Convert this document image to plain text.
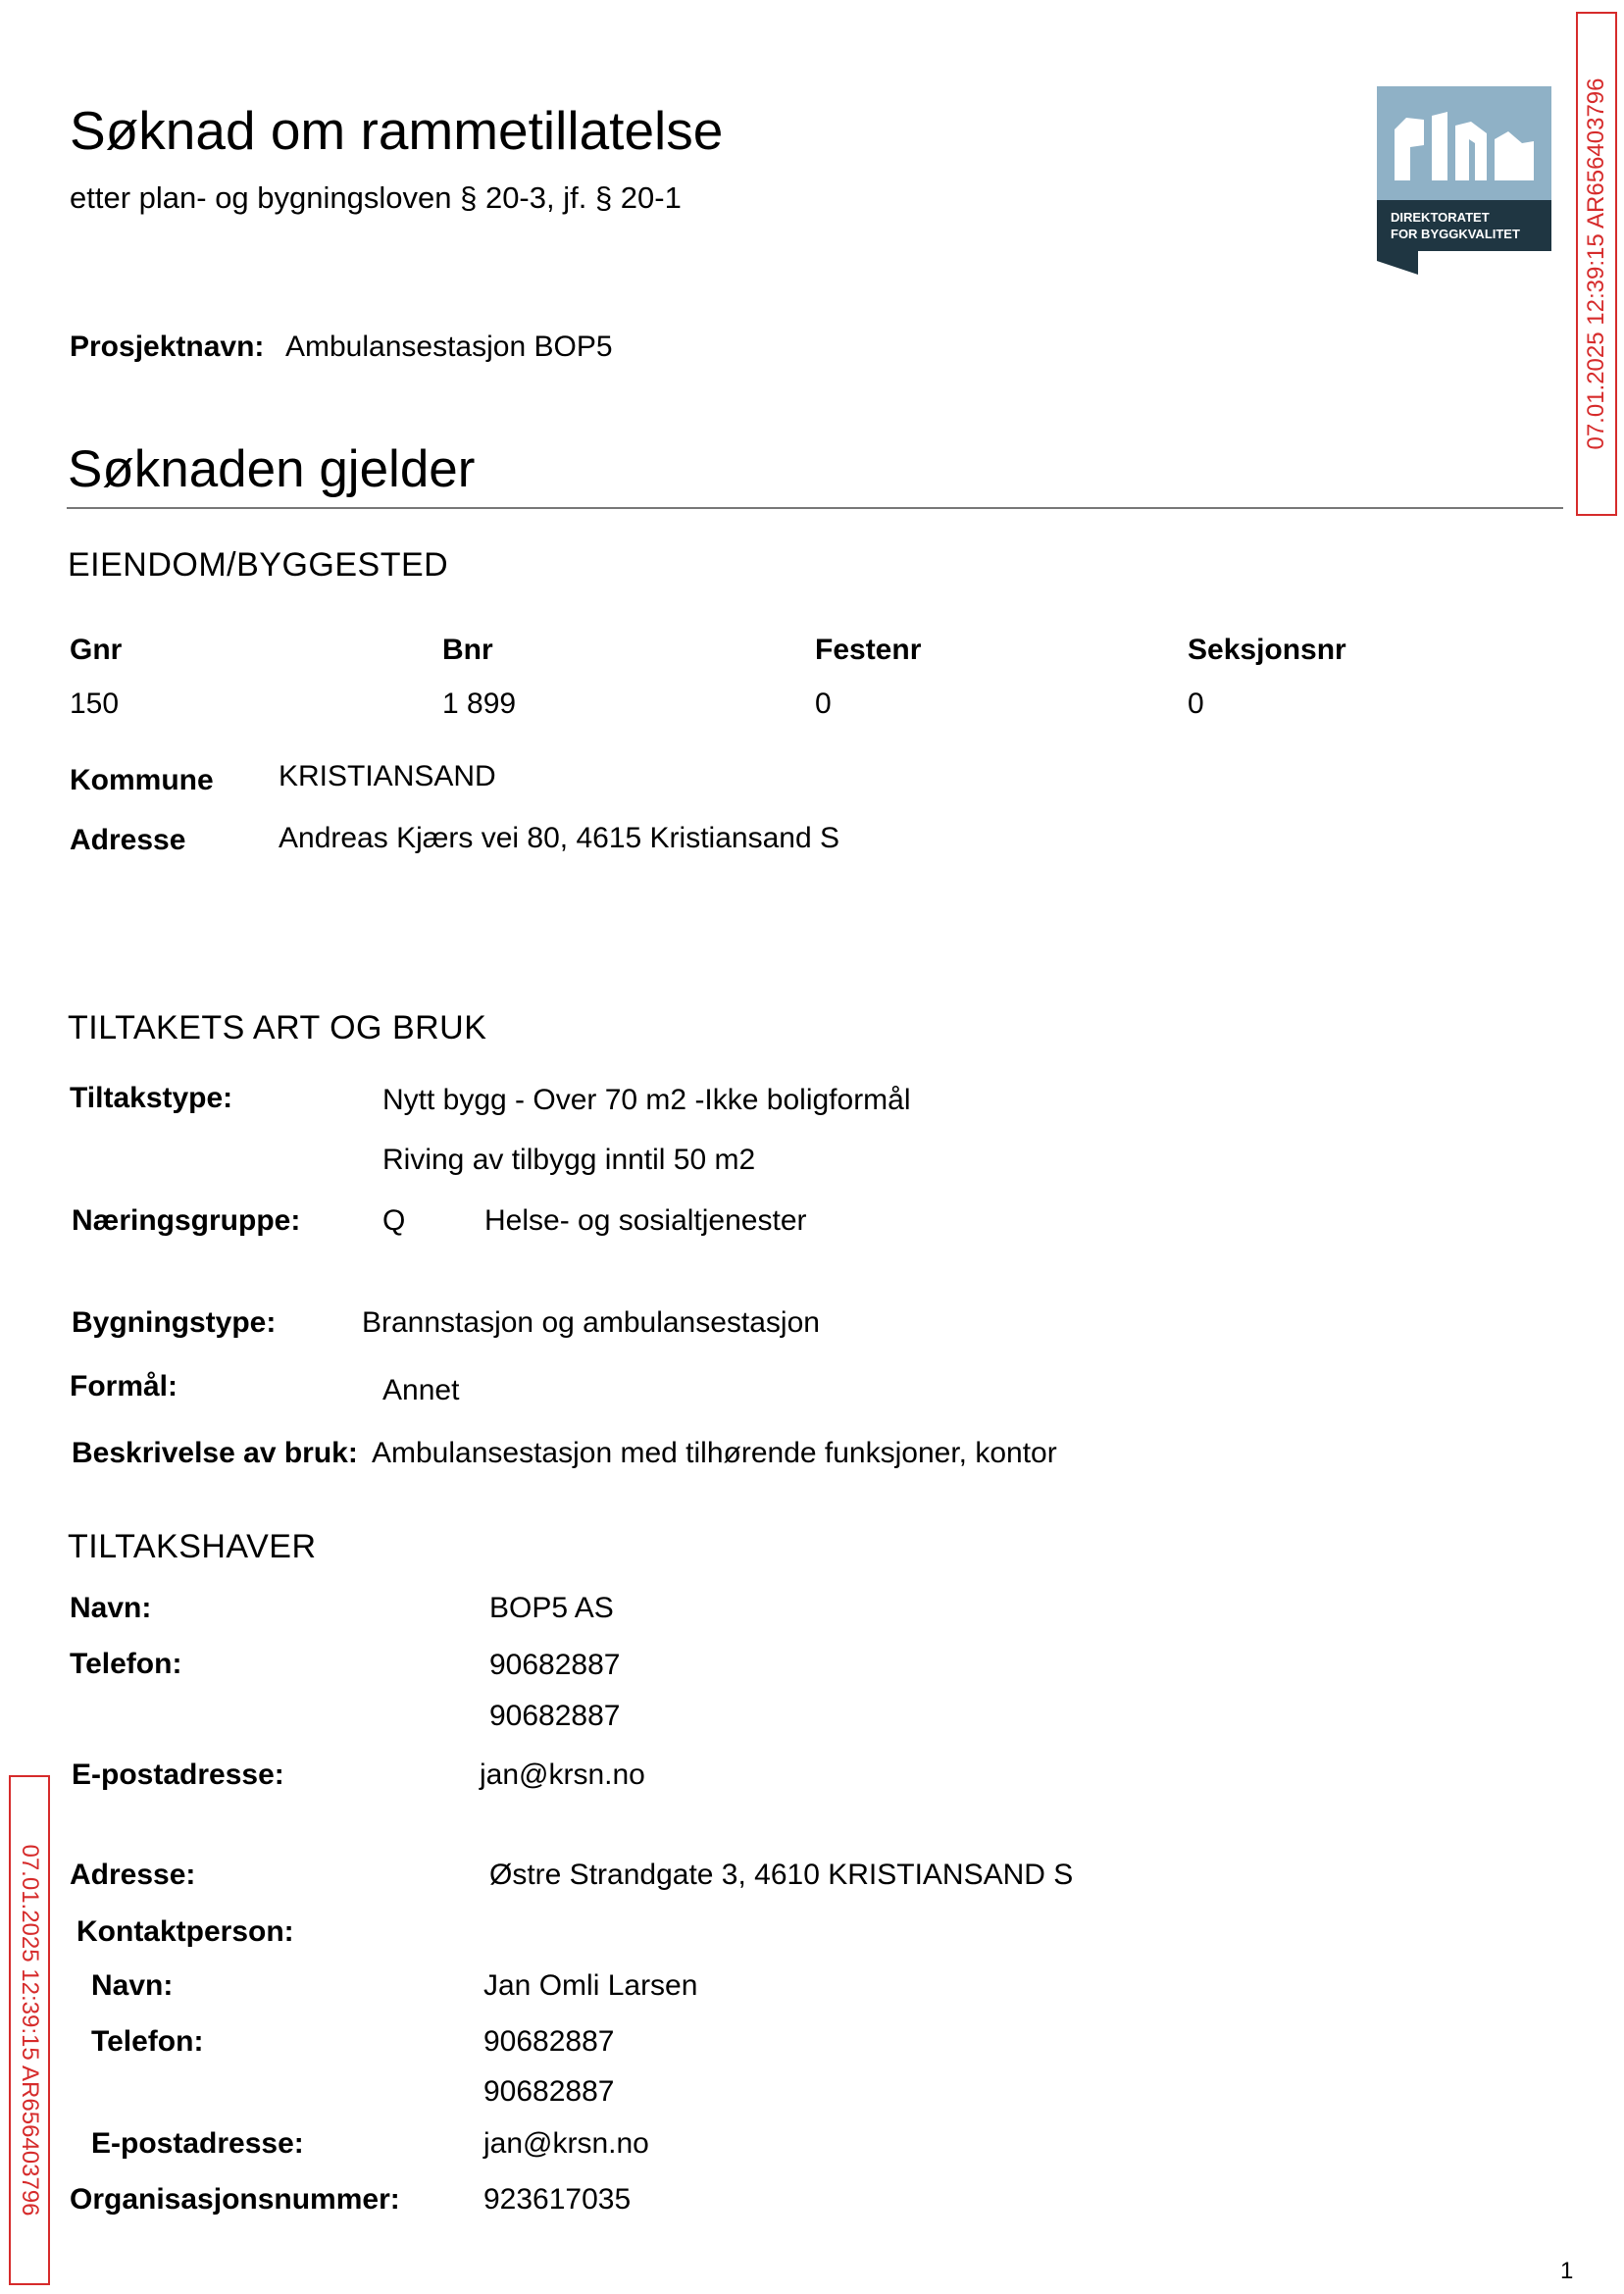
Søknad om rammetillatelse
etter plan- og bygningsloven § 20-3, jf. § 20-1
DIREKTORATET
FOR BYGGKVALITET	07.01.2025 12:39:15 AR656403796
07.01.2025 12:39:15 AR656403796
Prosjektnavn: Ambulansestasjon BOP5
Søknaden gjelder
EIENDOM/BYGGESTED
Gnr	Bnr	Festenr	Seksjonsnr
150	1 899	0	0
Kommune KRISTIANSAND
Adresse	Andreas Kjærs vei 80, 4615 Kristiansand S
TILTAKETS ART OG BRUK
Tiltakstype:	Nytt bygg - Over 70 m2 -Ikke boligformål
Riving av tilbygg inntil 50 m2
Næringsgruppe:	Q	Helse- og sosialtjenester
Bygningstype:	Brannstasjon og ambulansestasjon
Formål:	Annet
Beskrivelse av bruk: Ambulansestasjon med tilhørende funksjoner, kontor
TILTAKSHAVER
Navn:	BOP5 AS
Telefon:	90682887
90682887
E-postadresse:	jan@krsn.no
Adresse:	Østre Strandgate 3, 4610 KRISTIANSAND S
Kontaktperson:
Navn:	Jan Omli Larsen
Telefon:	90682887
90682887
E-postadresse:	jan@krsn.no
Organisasjonsnummer:	923617035
1
